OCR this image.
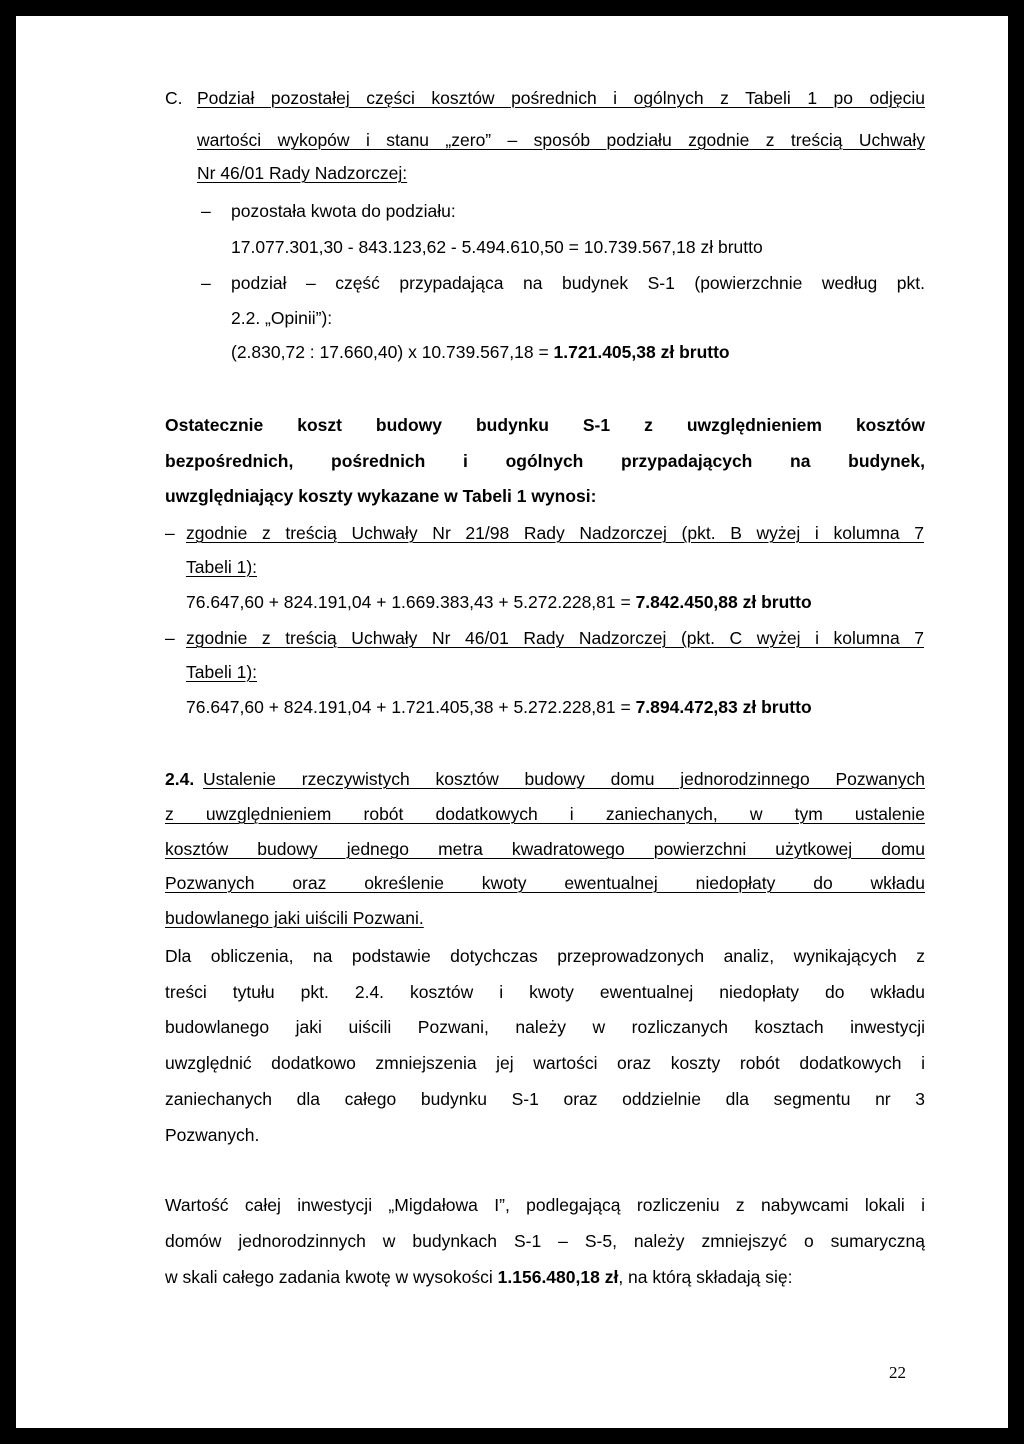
C. Podział pozostałej części kosztów pośrednich i ogólnych z Tabeli 1 po odjęciu
wartości wykopów i stanu „zero” – sposób podziału zgodnie z treścią Uchwały
Nr 46/01 Rady Nadzorczej:
– pozostała kwota do podziału:
17.077.301,30 - 843.123,62 - 5.494.610,50 = 10.739.567,18 zł brutto
– podział – część przypadająca na budynek S-1 (powierzchnie według pkt.
2.2. „Opinii”):
(2.830,72 : 17.660,40) x 10.739.567,18 = 1.721.405,38 zł brutto
Ostatecznie koszt budowy budynku S-1 z uwzględnieniem kosztów
bezpośrednich, pośrednich i ogólnych przypadających na budynek,
uwzględniający koszty wykazane w Tabeli 1 wynosi:
– zgodnie z treścią Uchwały Nr 21/98 Rady Nadzorczej (pkt. B wyżej i kolumna 7
Tabeli 1):
76.647,60 + 824.191,04 + 1.669.383,43 + 5.272.228,81 = 7.842.450,88 zł brutto
– zgodnie z treścią Uchwały Nr 46/01 Rady Nadzorczej (pkt. C wyżej i kolumna 7
Tabeli 1):
76.647,60 + 824.191,04 + 1.721.405,38 + 5.272.228,81 = 7.894.472,83 zł brutto
2.4. Ustalenie rzeczywistych kosztów budowy domu jednorodzinnego Pozwanych
z uwzględnieniem robót dodatkowych i zaniechanych, w tym ustalenie
kosztów budowy jednego metra kwadratowego powierzchni użytkowej domu
Pozwanych oraz określenie kwoty ewentualnej niedopłaty do wkładu
budowlanego jaki uiścili Pozwani.
Dla obliczenia, na podstawie dotychczas przeprowadzonych analiz, wynikających z
treści tytułu pkt. 2.4. kosztów i kwoty ewentualnej niedopłaty do wkładu
budowlanego jaki uiścili Pozwani, należy w rozliczanych kosztach inwestycji
uwzględnić dodatkowo zmniejszenia jej wartości oraz koszty robót dodatkowych i
zaniechanych dla całego budynku S-1 oraz oddzielnie dla segmentu nr 3
Pozwanych.
Wartość całej inwestycji „Migdałowa I”, podlegającą rozliczeniu z nabywcami lokali i
domów jednorodzinnych w budynkach S-1 – S-5, należy zmniejszyć o sumaryczną
w skali całego zadania kwotę w wysokości 1.156.480,18 zł, na którą składają się:
22
